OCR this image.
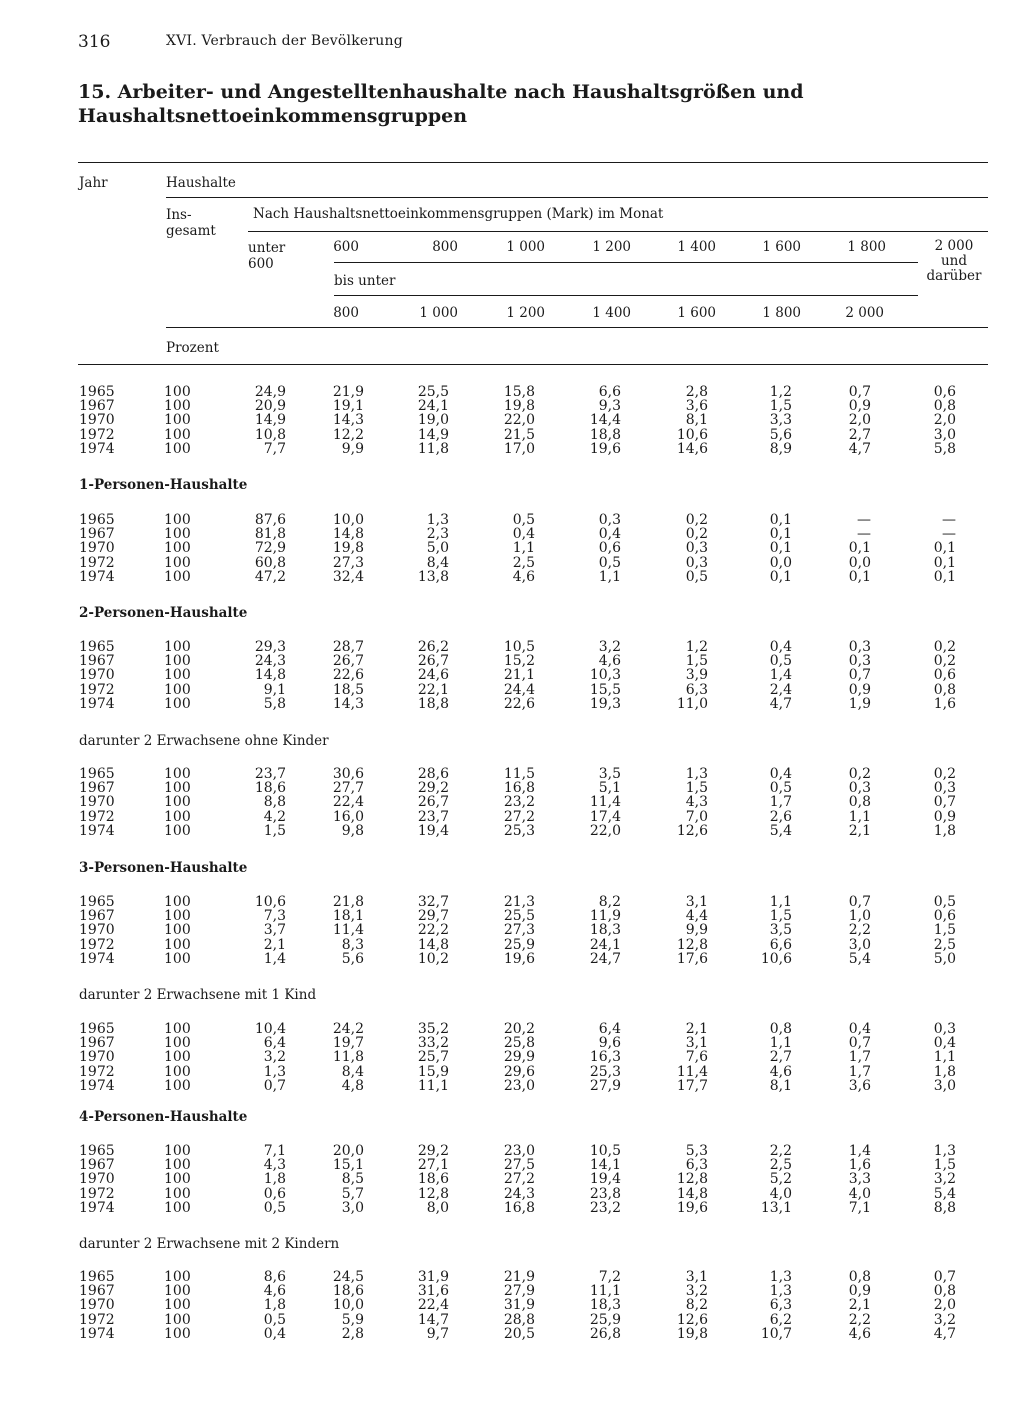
316	XVI. Verbrauch der Bevölkerung
15. Arbeiter- und Angestelltenhaushalte nach Haushaltsgrößen und Haushaltsnettoeinkommensgruppen
Jahr	Haushalte
Ins-
gesamt
Nach Haushaltsnettoeinkommensgruppen (Mark) im Monat
unter
600
600	800	1 000	1 200	1 400	1 600	1 800
bis unter
800	1 000	1 200	1 400	1 600	1 800	2 000
2 000
und
darüber
Prozent
1965	100	24,9	21,9	25,5	15,8	6,6	2,8	1,2	0,7	0,6
1967	100	20,9	19,1	24,1	19,8	9,3	3,6	1,5	0,9	0,8
1970	100	14,9	14,3	19,0	22,0	14,4	8,1	3,3	2,0	2,0
1972	100	10,8	12,2	14,9	21,5	18,8	10,6	5,6	2,7	3,0
1974	100	7,7	9,9	11,8	17,0	19,6	14,6	8,9	4,7	5,8
1-Personen-Haushalte
1965	100	87,6	10,0	1,3	0,5	0,3	0,2	0,1	—	—
1967	100	81,8	14,8	2,3	0,4	0,4	0,2	0,1	—	—
1970	100	72,9	19,8	5,0	1,1	0,6	0,3	0,1	0,1	0,1
1972	100	60,8	27,3	8,4	2,5	0,5	0,3	0,0	0,0	0,1
1974	100	47,2	32,4	13,8	4,6	1,1	0,5	0,1	0,1	0,1
2-Personen-Haushalte
1965	100	29,3	28,7	26,2	10,5	3,2	1,2	0,4	0,3	0,2
1967	100	24,3	26,7	26,7	15,2	4,6	1,5	0,5	0,3	0,2
1970	100	14,8	22,6	24,6	21,1	10,3	3,9	1,4	0,7	0,6
1972	100	9,1	18,5	22,1	24,4	15,5	6,3	2,4	0,9	0,8
1974	100	5,8	14,3	18,8	22,6	19,3	11,0	4,7	1,9	1,6
darunter 2 Erwachsene ohne Kinder
1965	100	23,7	30,6	28,6	11,5	3,5	1,3	0,4	0,2	0,2
1967	100	18,6	27,7	29,2	16,8	5,1	1,5	0,5	0,3	0,3
1970	100	8,8	22,4	26,7	23,2	11,4	4,3	1,7	0,8	0,7
1972	100	4,2	16,0	23,7	27,2	17,4	7,0	2,6	1,1	0,9
1974	100	1,5	9,8	19,4	25,3	22,0	12,6	5,4	2,1	1,8
3-Personen-Haushalte
1965	100	10,6	21,8	32,7	21,3	8,2	3,1	1,1	0,7	0,5
1967	100	7,3	18,1	29,7	25,5	11,9	4,4	1,5	1,0	0,6
1970	100	3,7	11,4	22,2	27,3	18,3	9,9	3,5	2,2	1,5
1972	100	2,1	8,3	14,8	25,9	24,1	12,8	6,6	3,0	2,5
1974	100	1,4	5,6	10,2	19,6	24,7	17,6	10,6	5,4	5,0
darunter 2 Erwachsene mit 1 Kind
1965	100	10,4	24,2	35,2	20,2	6,4	2,1	0,8	0,4	0,3
1967	100	6,4	19,7	33,2	25,8	9,6	3,1	1,1	0,7	0,4
1970	100	3,2	11,8	25,7	29,9	16,3	7,6	2,7	1,7	1,1
1972	100	1,3	8,4	15,9	29,6	25,3	11,4	4,6	1,7	1,8
1974	100	0,7	4,8	11,1	23,0	27,9	17,7	8,1	3,6	3,0
4-Personen-Haushalte
1965	100	7,1	20,0	29,2	23,0	10,5	5,3	2,2	1,4	1,3
1967	100	4,3	15,1	27,1	27,5	14,1	6,3	2,5	1,6	1,5
1970	100	1,8	8,5	18,6	27,2	19,4	12,8	5,2	3,3	3,2
1972	100	0,6	5,7	12,8	24,3	23,8	14,8	4,0	4,0	5,4
1974	100	0,5	3,0	8,0	16,8	23,2	19,6	13,1	7,1	8,8
darunter 2 Erwachsene mit 2 Kindern
1965	100	8,6	24,5	31,9	21,9	7,2	3,1	1,3	0,8	0,7
1967	100	4,6	18,6	31,6	27,9	11,1	3,2	1,3	0,9	0,8
1970	100	1,8	10,0	22,4	31,9	18,3	8,2	6,3	2,1	2,0
1972	100	0,5	5,9	14,7	28,8	25,9	12,6	6,2	2,2	3,2
1974	100	0,4	2,8	9,7	20,5	26,8	19,8	10,7	4,6	4,7
